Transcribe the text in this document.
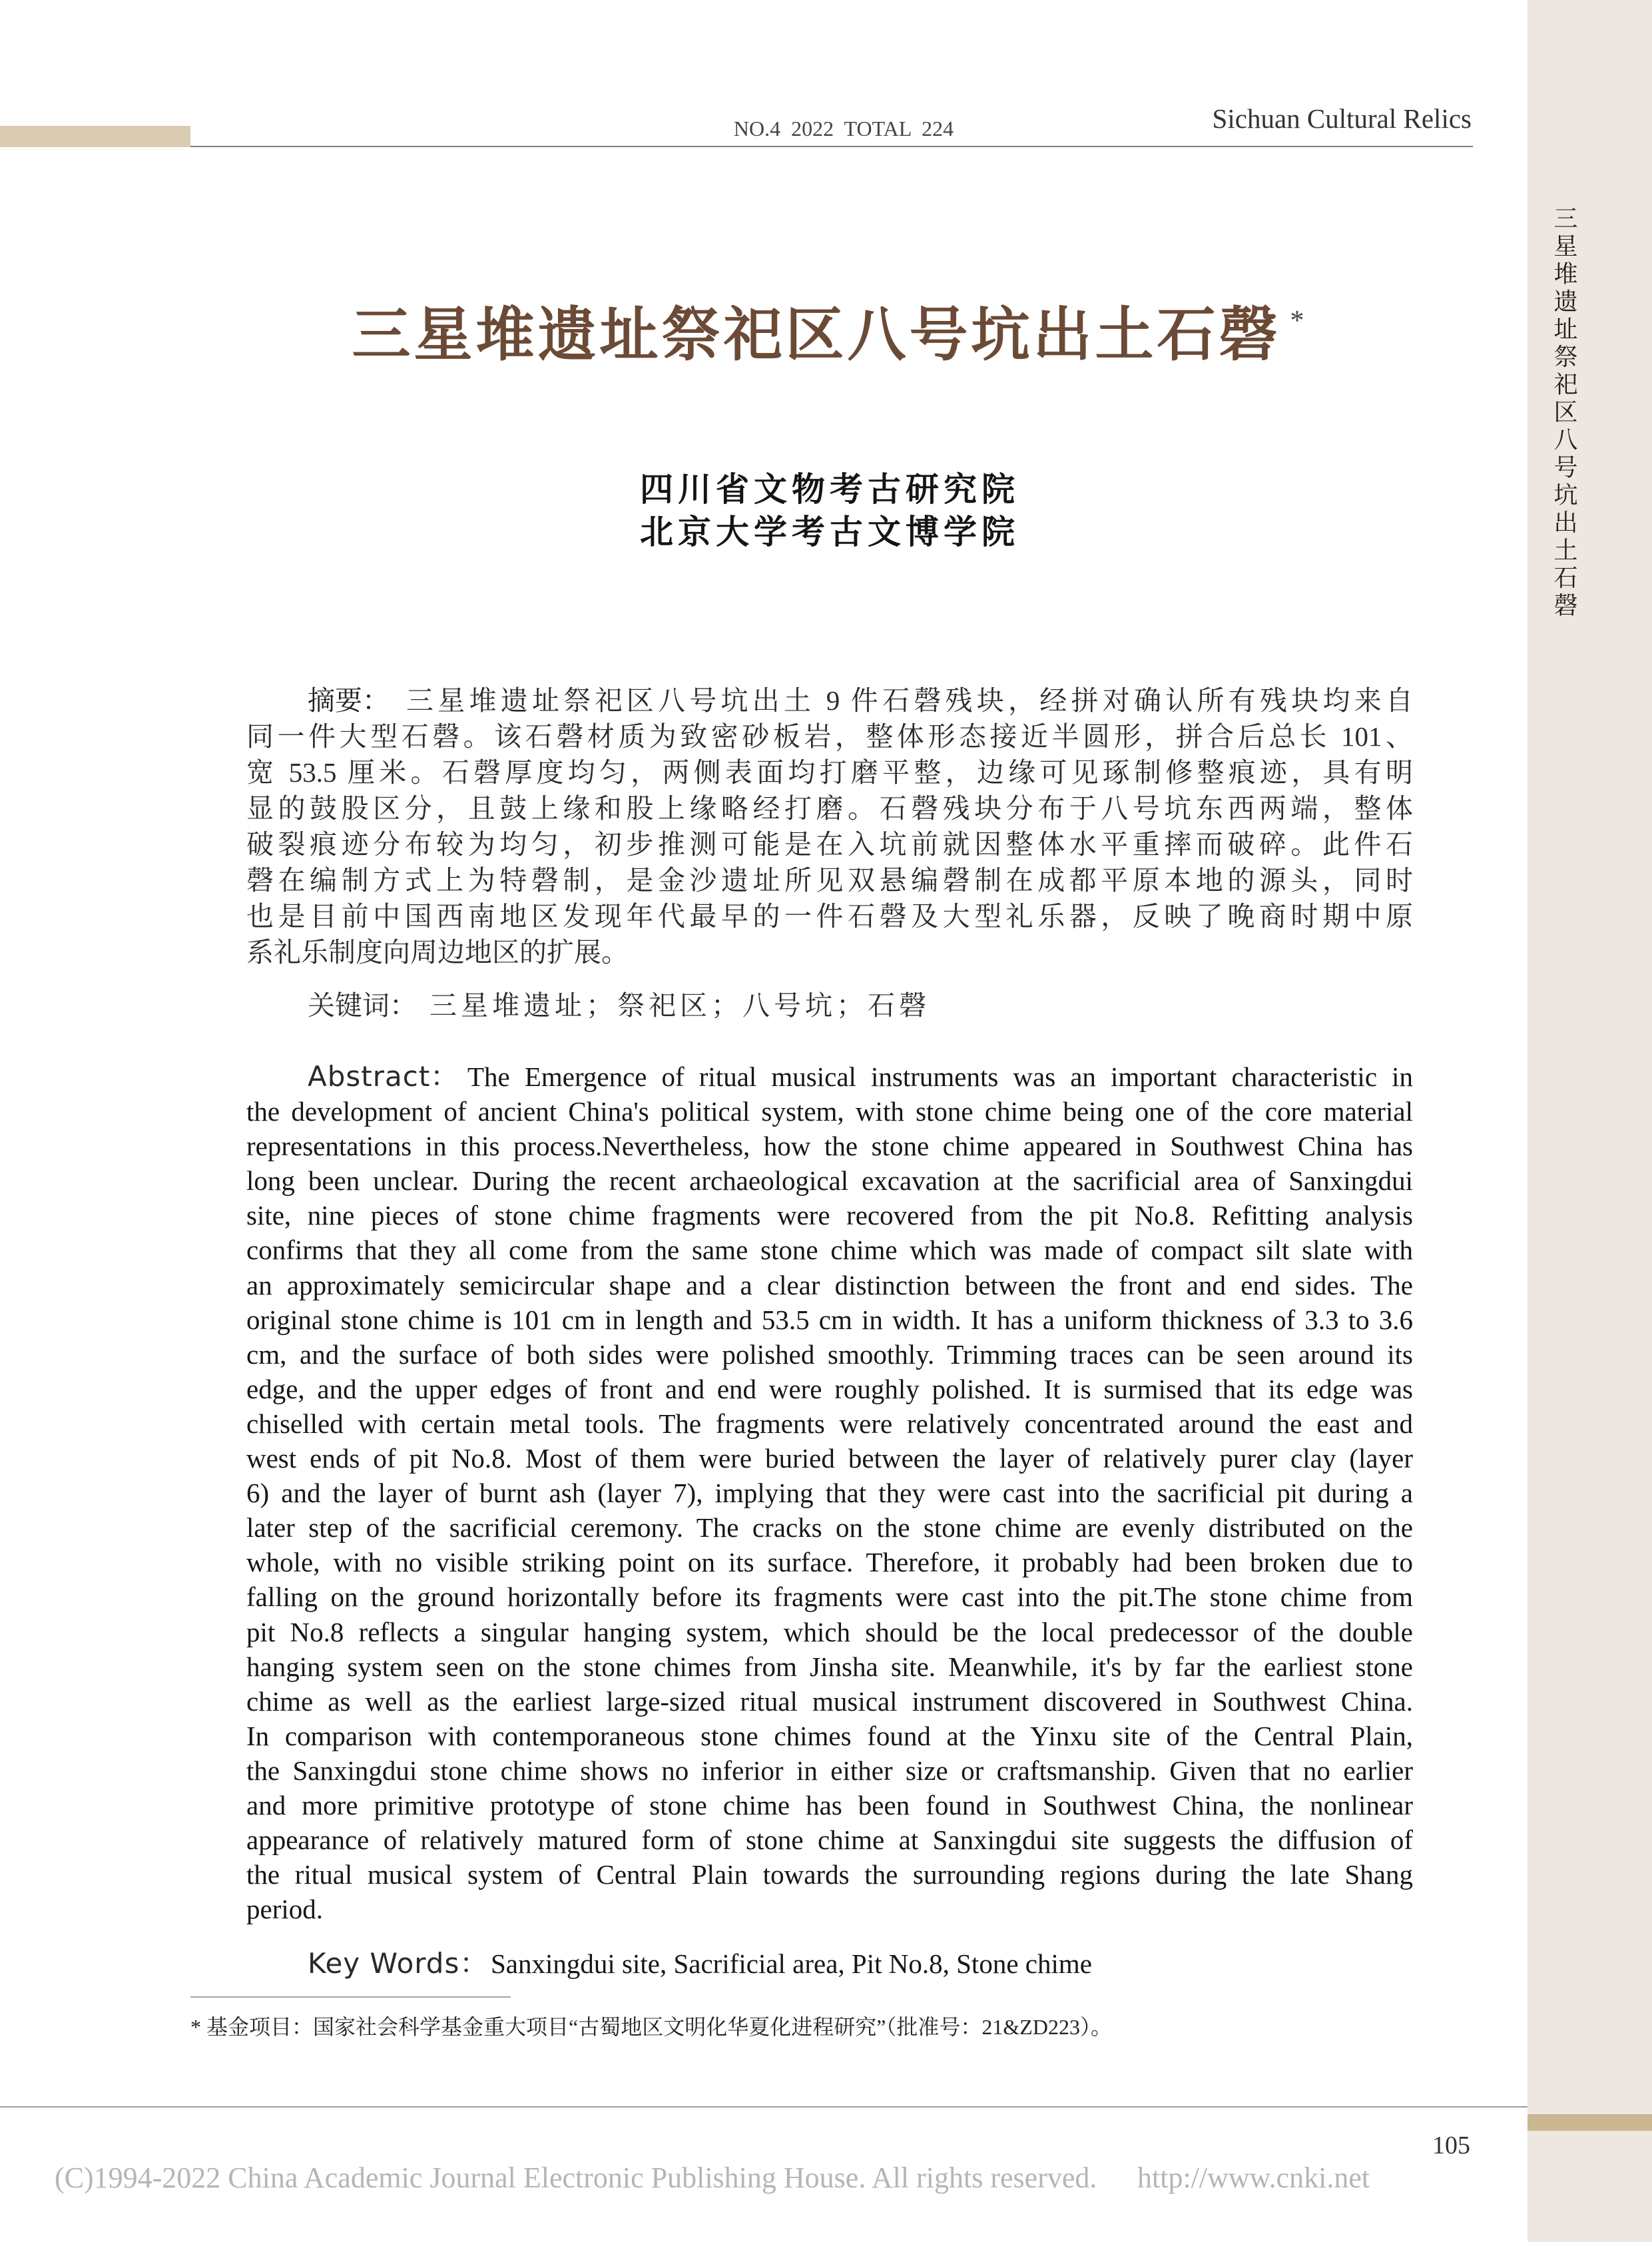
三星堆遗址祭祀区八号坑出土石磬
NO.4  2022  TOTAL  224	Sichuan Cultural Relics
三星堆遗址祭祀区八号坑出土石磬 *
四川省文物考古研究院
北京大学考古文博学院
摘要： 三星堆遗址祭祀区八号坑出土 9 件石磬残块，经拼对确认所有残块均来自
同一件大型石磬。该石磬材质为致密砂板岩，整体形态接近半圆形，拼合后总长 101、
宽 53.5 厘米。石磬厚度均匀，两侧表面均打磨平整，边缘可见琢制修整痕迹，具有明
显的鼓股区分，且鼓上缘和股上缘略经打磨。石磬残块分布于八号坑东西两端，整体
破裂痕迹分布较为均匀，初步推测可能是在入坑前就因整体水平重摔而破碎。此件石
磬在编制方式上为特磬制，是金沙遗址所见双悬编磬制在成都平原本地的源头，同时
也是目前中国西南地区发现年代最早的一件石磬及大型礼乐器，反映了晚商时期中原
系礼乐制度向周边地区的扩展。
关键词： 三星堆遗址；祭祀区；八号坑；石磬
Abstract： The Emergence of ritual musical instruments was an important characteristic in
the development of ancient China's political system, with stone chime being one of the core material
representations in this process.Nevertheless, how the stone chime appeared in Southwest China has
long been unclear. During the recent archaeological excavation at the sacrificial area of Sanxingdui
site, nine pieces of stone chime fragments were recovered from the pit No.8. Refitting analysis
confirms that they all come from the same stone chime which was made of compact silt slate with
an approximately semicircular shape and a clear distinction between the front and end sides. The
original stone chime is 101 cm in length and 53.5 cm in width. It has a uniform thickness of 3.3 to 3.6
cm, and the surface of both sides were polished smoothly. Trimming traces can be seen around its
edge, and the upper edges of front and end were roughly polished. It is surmised that its edge was
chiselled with certain metal tools. The fragments were relatively concentrated around the east and
west ends of pit No.8. Most of them were buried between the layer of relatively purer clay (layer
6) and the layer of burnt ash (layer 7), implying that they were cast into the sacrificial pit during a
later step of the sacrificial ceremony. The cracks on the stone chime are evenly distributed on the
whole, with no visible striking point on its surface. Therefore, it probably had been broken due to
falling on the ground horizontally before its fragments were cast into the pit.The stone chime from
pit No.8 reflects a singular hanging system, which should be the local predecessor of the double
hanging system seen on the stone chimes from Jinsha site. Meanwhile, it's by far the earliest stone
chime as well as the earliest large-sized ritual musical instrument discovered in Southwest China.
In comparison with contemporaneous stone chimes found at the Yinxu site of the Central Plain,
the Sanxingdui stone chime shows no inferior in either size or craftsmanship. Given that no earlier
and more primitive prototype of stone chime has been found in Southwest China, the nonlinear
appearance of relatively matured form of stone chime at Sanxingdui site suggests the diffusion of
the ritual musical system of Central Plain towards the surrounding regions during the late Shang
period.
Key Words： Sanxingdui site, Sacrificial area, Pit No.8, Stone chime
* 基金项目：国家社会科学基金重大项目“古蜀地区文明化华夏化进程研究”（批准号：21&ZD223）。
105
(C)1994-2022 China Academic Journal Electronic Publishing House. All rights reserved. http://www.cnki.net
